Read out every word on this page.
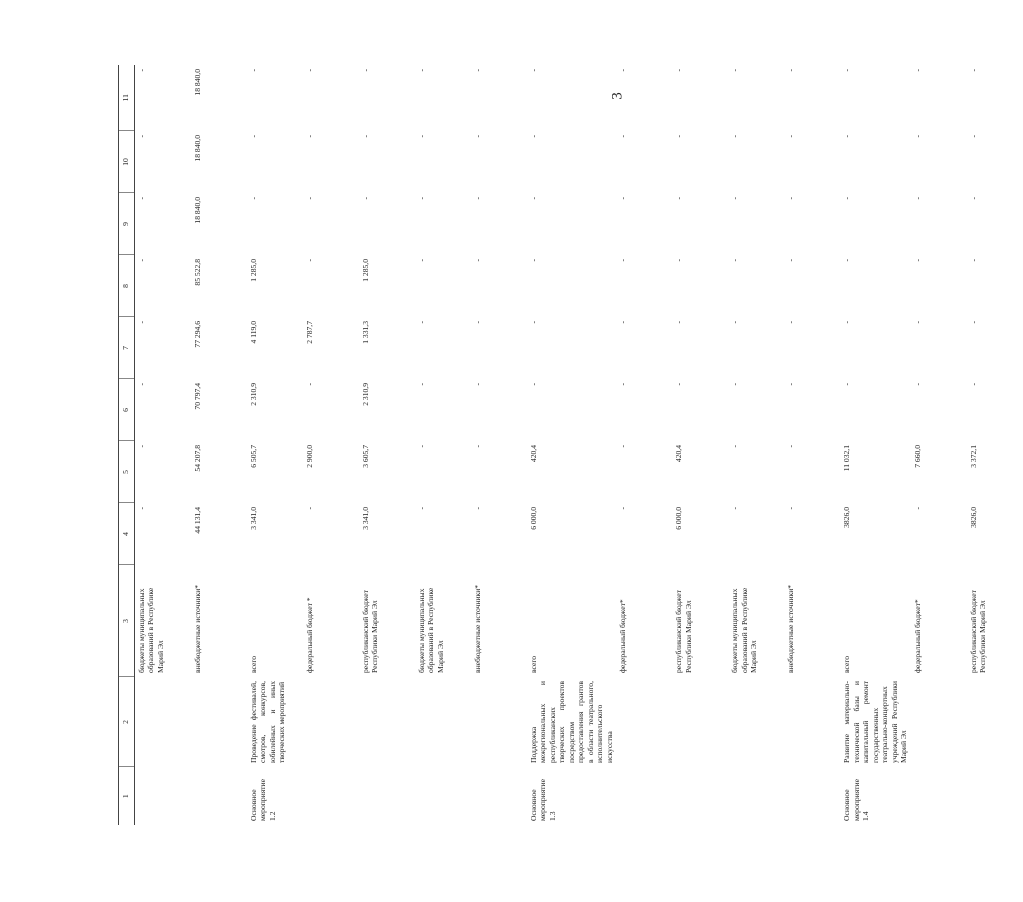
3
1	2	3	4	5	6	7	8	9	10	11
		бюджеты муниципальных образований в Республике Марий Эл	-	-	-	-	-	-	-	-
		внебюджетные источники*	44 131,4	54 207,8	70 797,4	77 294,6	85 522,8	18 840,0	18 840,0	18 840,0
Основное мероприятие 1.2	Проведение фестивалей, смотров, конкурсов, юбилейных и иных творческих мероприятий	всего	3 341,0	6 505,7	2 310,9	4 119,0	1 285,0	-	-	-
		федеральный бюджет *	-	2 900,0	-	2 787,7	-	-	-	-
		республиканский бюджет Республики Марий Эл	3 341,0	3 605,7	2 310,9	1 331,3	1 285,0	-	-	-
		бюджеты муниципальных образований в Республике Марий Эл	-	-	-	-	-	-	-	-
		внебюджетные источники*	-	-	-	-	-	-	-	-
Основное мероприятие 1.3	Поддержка межрегиональных и республиканских творческих проектов посредством предоставления грантов в области театрального, исполнительского искусства	всего	6 000,0	420,4	-	-	-	-	-	-
		федеральный бюджет*	-	-	-	-	-	-	-	-
		республиканский бюджет Республики Марий Эл	6 000,0	420,4	-	-	-	-	-	-
		бюджеты муниципальных образований в Республике Марий Эл	-	-	-	-	-	-	-	-
		внебюджетные источники*	-	-	-	-	-	-	-	-
Основное мероприятие 1.4	Развитие материально-технической базы и капитальный ремонт государственных театрально-концертных учреждений Республики Марий Эл	всего	3826,0	11 032,1	-	-	-	-	-	-
		федеральный бюджет*	-	7 660,0	-	-	-	-	-	-
		республиканский бюджет Республики Марий Эл	3826,0	3 372,1	-	-	-	-	-	-
